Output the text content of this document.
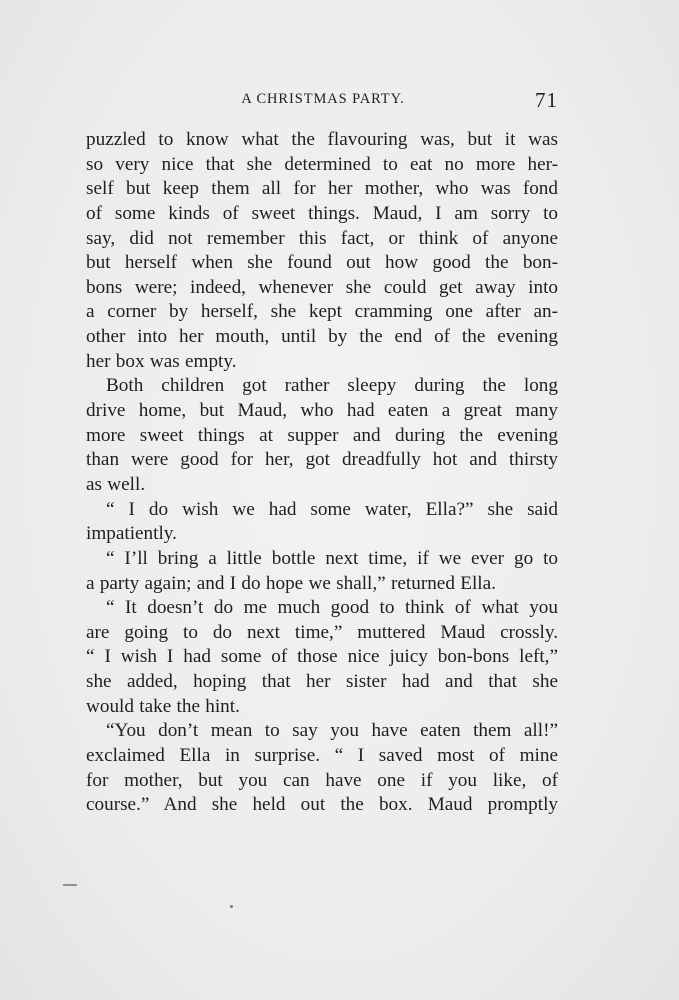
A CHRISTMAS PARTY.	71
puzzled to know what the flavouring was, but it was
so very nice that she determined to eat no more her-
self but keep them all for her mother, who was fond
of some kinds of sweet things. Maud, I am sorry to
say, did not remember this fact, or think of anyone
but herself when she found out how good the bon-
bons were; indeed, whenever she could get away into
a corner by herself, she kept cramming one after an-
other into her mouth, until by the end of the evening
her box was empty.
Both children got rather sleepy during the long
drive home, but Maud, who had eaten a great many
more sweet things at supper and during the evening
than were good for her, got dreadfully hot and thirsty
as well.
“ I do wish we had some water, Ella?” she said
impatiently.
“ I’ll bring a little bottle next time, if we ever go to
a party again; and I do hope we shall,” returned Ella.
“ It doesn’t do me much good to think of what you
are going to do next time,” muttered Maud crossly.
“ I wish I had some of those nice juicy bon-bons left,”
she added, hoping that her sister had and that she
would take the hint.
“You don’t mean to say you have eaten them all!”
exclaimed Ella in surprise. “ I saved most of mine
for mother, but you can have one if you like, of
course.” And she held out the box. Maud promptly
